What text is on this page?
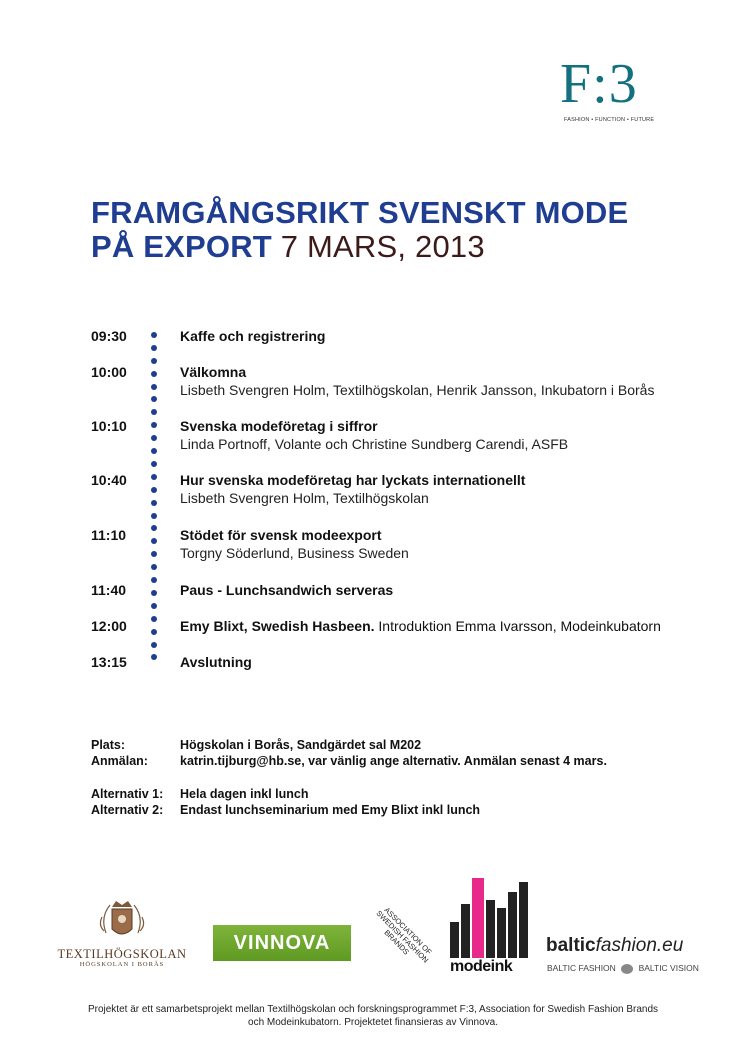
F:3
FASHION • FUNCTION • FUTURE
FRAMGÅNGSRIKT SVENSKT MODE
PÅ EXPORT 7 MARS, 2013
09:30	Kaffe och registrering
10:00	Välkomna
Lisbeth Svengren Holm, Textilhögskolan, Henrik Jansson, Inkubatorn i Borås
10:10	Svenska modeföretag i siffror
Linda Portnoff, Volante och Christine Sundberg Carendi, ASFB
10:40	Hur svenska modeföretag har lyckats internationellt
Lisbeth Svengren Holm, Textilhögskolan
11:10	Stödet för svensk modeexport
Torgny Söderlund, Business Sweden
11:40	Paus - Lunchsandwich serveras
12:00	Emy Blixt, Swedish Hasbeen. Introduktion Emma Ivarsson, Modeinkubatorn
13:15	Avslutning
Plats:	Högskolan i Borås, Sandgärdet sal M202
Anmälan:	katrin.tijburg@hb.se, var vänlig ange alternativ. Anmälan senast 4 mars.
Alternativ 1: Hela dagen inkl lunch
Alternativ 2: Endast lunchseminarium med Emy Blixt inkl lunch
TEXTILHÖGSKOLAN
HÖGSKOLAN I BORÅS
VINNOVA	ASSOCIATION OF SWEDISH FASHION BRANDS
modeink
balticfashion.eu
BALTIC FASHION	BALTIC VISION
Projektet är ett samarbetsprojekt mellan Textilhögskolan och forskningsprogrammet F:3, Association for Swedish Fashion Brands
och Modeinkubatorn. Projektetet finansieras av Vinnova.
